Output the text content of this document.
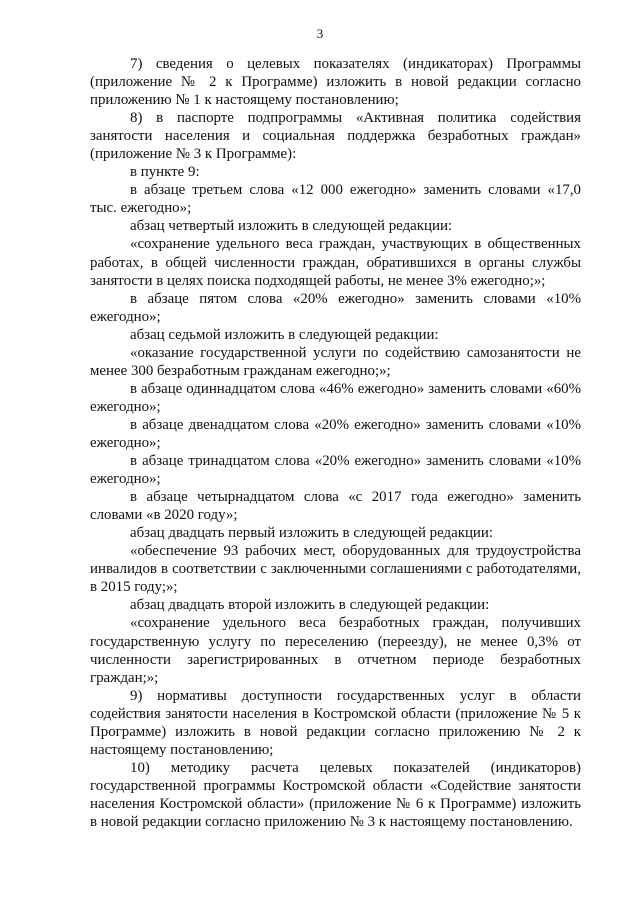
3

7) сведения о целевых показателях (индикаторах) Программы (приложение № 2 к Программе) изложить в новой редакции согласно приложению № 1 к настоящему постановлению;

8) в паспорте подпрограммы «Активная политика содействия занятости населения и социальная поддержка безработных граждан» (приложение № 3 к Программе):

в пункте 9:

в абзаце третьем слова «12 000 ежегодно» заменить словами «17,0 тыс. ежегодно»;

абзац четвертый изложить в следующей редакции:

«сохранение удельного веса граждан, участвующих в общественных работах, в общей численности граждан, обратившихся в органы службы занятости в целях поиска подходящей работы, не менее 3% ежегодно;»;

в абзаце пятом слова «20% ежегодно» заменить словами «10% ежегодно»;

абзац седьмой изложить в следующей редакции:

«оказание государственной услуги по содействию самозанятости не менее 300 безработным гражданам ежегодно;»;

в абзаце одиннадцатом слова «46% ежегодно» заменить словами «60% ежегодно»;

в абзаце двенадцатом слова «20% ежегодно» заменить словами «10% ежегодно»;

в абзаце тринадцатом слова «20% ежегодно» заменить словами «10% ежегодно»;

в абзаце четырнадцатом слова «с 2017 года ежегодно» заменить словами «в 2020 году»;

абзац двадцать первый изложить в следующей редакции:

«обеспечение 93 рабочих мест, оборудованных для трудоустройства инвалидов в соответствии с заключенными соглашениями с работодателями, в 2015 году;»;

абзац двадцать второй изложить в следующей редакции:

«сохранение удельного веса безработных граждан, получивших государственную услугу по переселению (переезду), не менее 0,3% от численности зарегистрированных в отчетном периоде безработных граждан;»;

9) нормативы доступности государственных услуг в области содействия занятости населения в Костромской области (приложение № 5 к Программе) изложить в новой редакции согласно приложению № 2 к настоящему постановлению;

10) методику расчета целевых показателей (индикаторов) государственной программы Костромской области «Содействие занятости населения Костромской области» (приложение № 6 к Программе) изложить в новой редакции согласно приложению № 3 к настоящему постановлению.
